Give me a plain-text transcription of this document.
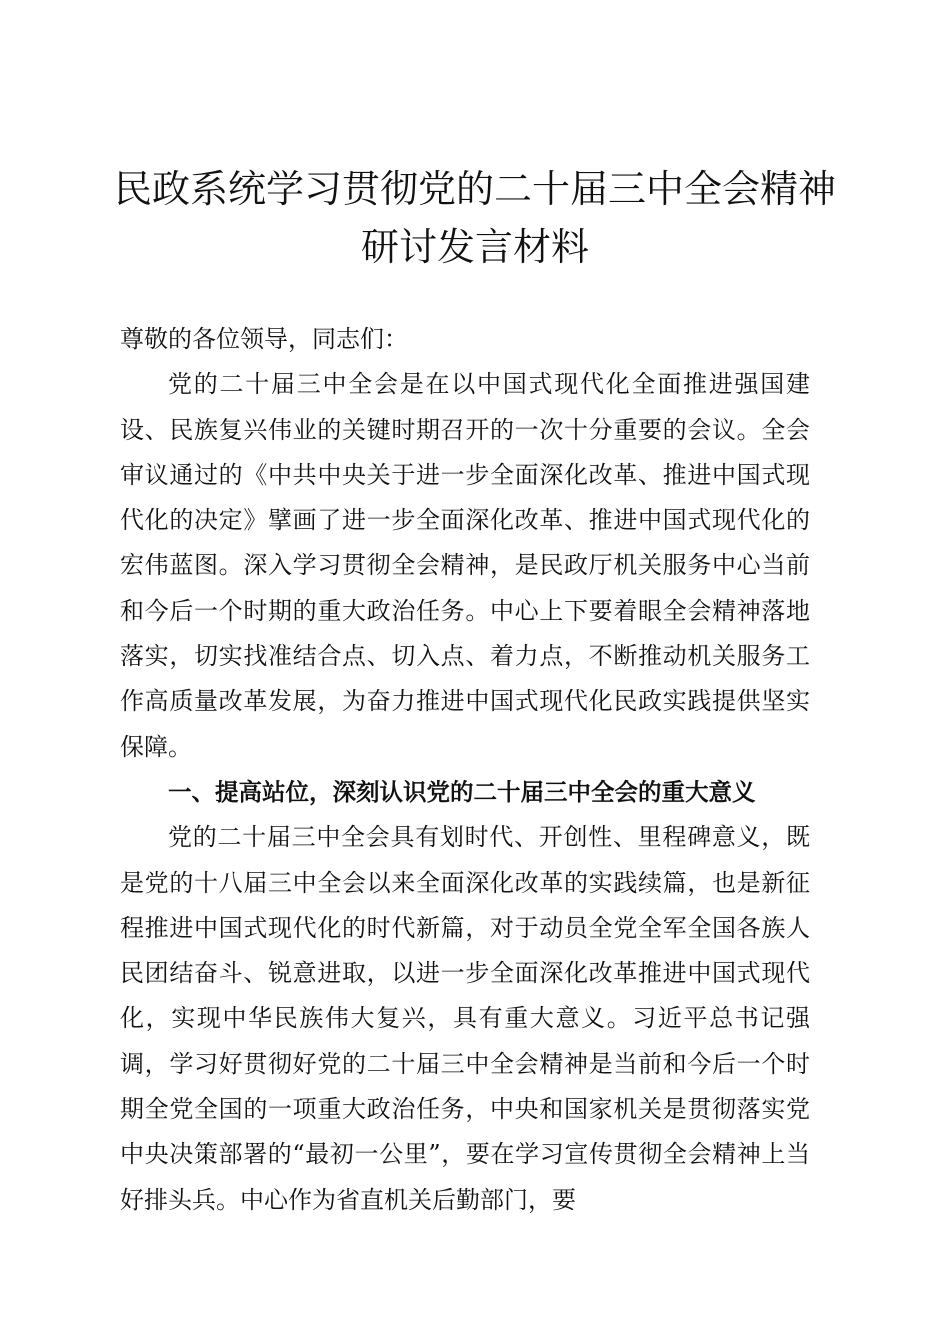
民政系统学习贯彻党的二十届三中全会精神研讨发言材料

尊敬的各位领导，同志们：

党的二十届三中全会是在以中国式现代化全面推进强国建设、民族复兴伟业的关键时期召开的一次十分重要的会议。全会审议通过的《中共中央关于进一步全面深化改革、推进中国式现代化的决定》擘画了进一步全面深化改革、推进中国式现代化的宏伟蓝图。深入学习贯彻全会精神，是民政厅机关服务中心当前和今后一个时期的重大政治任务。中心上下要着眼全会精神落地落实，切实找准结合点、切入点、着力点，不断推动机关服务工作高质量改革发展，为奋力推进中国式现代化民政实践提供坚实保障。

一、提高站位，深刻认识党的二十届三中全会的重大意义

党的二十届三中全会具有划时代、开创性、里程碑意义，既是党的十八届三中全会以来全面深化改革的实践续篇，也是新征程推进中国式现代化的时代新篇，对于动员全党全军全国各族人民团结奋斗、锐意进取，以进一步全面深化改革推进中国式现代化，实现中华民族伟大复兴，具有重大意义。习近平总书记强调，学习好贯彻好党的二十届三中全会精神是当前和今后一个时期全党全国的一项重大政治任务，中央和国家机关是贯彻落实党中央决策部署的“最初一公里”，要在学习宣传贯彻全会精神上当好排头兵。中心作为省直机关后勤部门，要
